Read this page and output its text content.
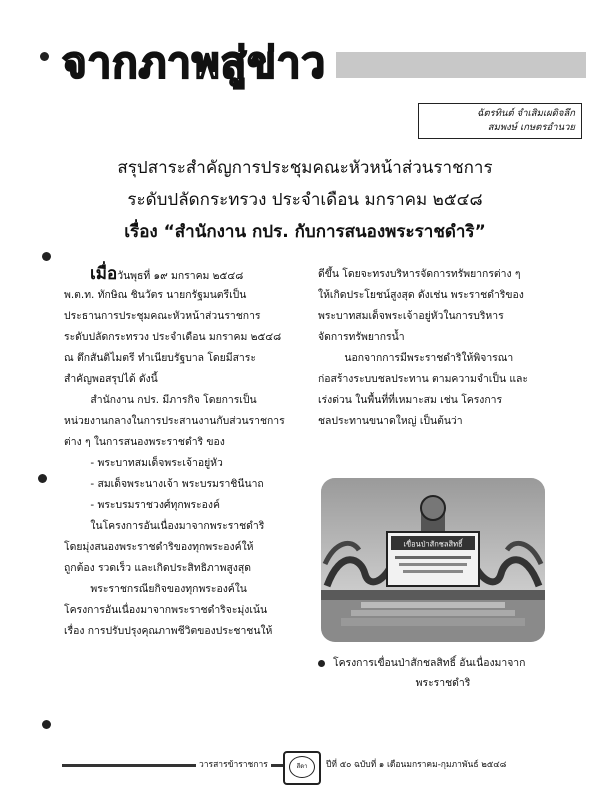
จากภาพสู่ข่าว
ฉัตรทินต์ จำเสิมเผดิจลึก
สมพงษ์ เกษตรอำนวย
สรุปสาระสำคัญการประชุมคณะหัวหน้าส่วนราชการ
ระดับปลัดกระทรวง ประจำเดือน มกราคม ๒๕๔๘
เรื่อง “สำนักงาน กปร. กับการสนองพระราชดำริ”
เมื่อวันพุธที่ ๑๙ มกราคม ๒๕๔๘
พ.ต.ท. ทักษิณ ชินวัตร นายกรัฐมนตรีเป็น
ประธานการประชุมคณะหัวหน้าส่วนราชการ
ระดับปลัดกระทรวง ประจำเดือน มกราคม ๒๕๔๘
ณ ตึกสันติไมตรี ทำเนียบรัฐบาล โดยมีสาระ
สำคัญพอสรุปได้ ดังนี้
สำนักงาน กปร. มีภารกิจ โดยการเป็น
หน่วยงานกลางในการประสานงานกับส่วนราชการ
ต่าง ๆ ในการสนองพระราชดำริ ของ
- พระบาทสมเด็จพระเจ้าอยู่หัว
- สมเด็จพระนางเจ้า พระบรมราชินีนาถ
- พระบรมราชวงศ์ทุกพระองค์
ในโครงการอันเนื่องมาจากพระราชดำริ
โดยมุ่งสนองพระราชดำริของทุกพระองค์ให้
ถูกต้อง รวดเร็ว และเกิดประสิทธิภาพสูงสุด
พระราชกรณียกิจของทุกพระองค์ใน
โครงการอันเนื่องมาจากพระราชดำริจะมุ่งเน้น
เรื่อง การปรับปรุงคุณภาพชีวิตของประชาชนให้
ดีขึ้น โดยจะทรงบริหารจัดการทรัพยากรต่าง ๆ
ให้เกิดประโยชน์สูงสุด ดังเช่น พระราชดำริของ
พระบาทสมเด็จพระเจ้าอยู่หัวในการบริหาร
จัดการทรัพยากรน้ำ
นอกจากการมีพระราชดำริให้พิจารณา
ก่อสร้างระบบชลประทาน ตามความจำเป็น และ
เร่งด่วน ในพื้นที่ที่เหมาะสม เช่น โครงการ
ชลประทานขนาดใหญ่ เป็นต้นว่า
เขื่อนป่าสักชลสิทธิ์
โครงการเขื่อนป่าสักชลสิทธิ์ อันเนื่องมาจาก
พระราชดำริ
วารสารข้าราชการ	สีดา	ปีที่ ๕๐ ฉบับที่ ๑ เดือนมกราคม-กุมภาพันธ์ ๒๕๔๘
